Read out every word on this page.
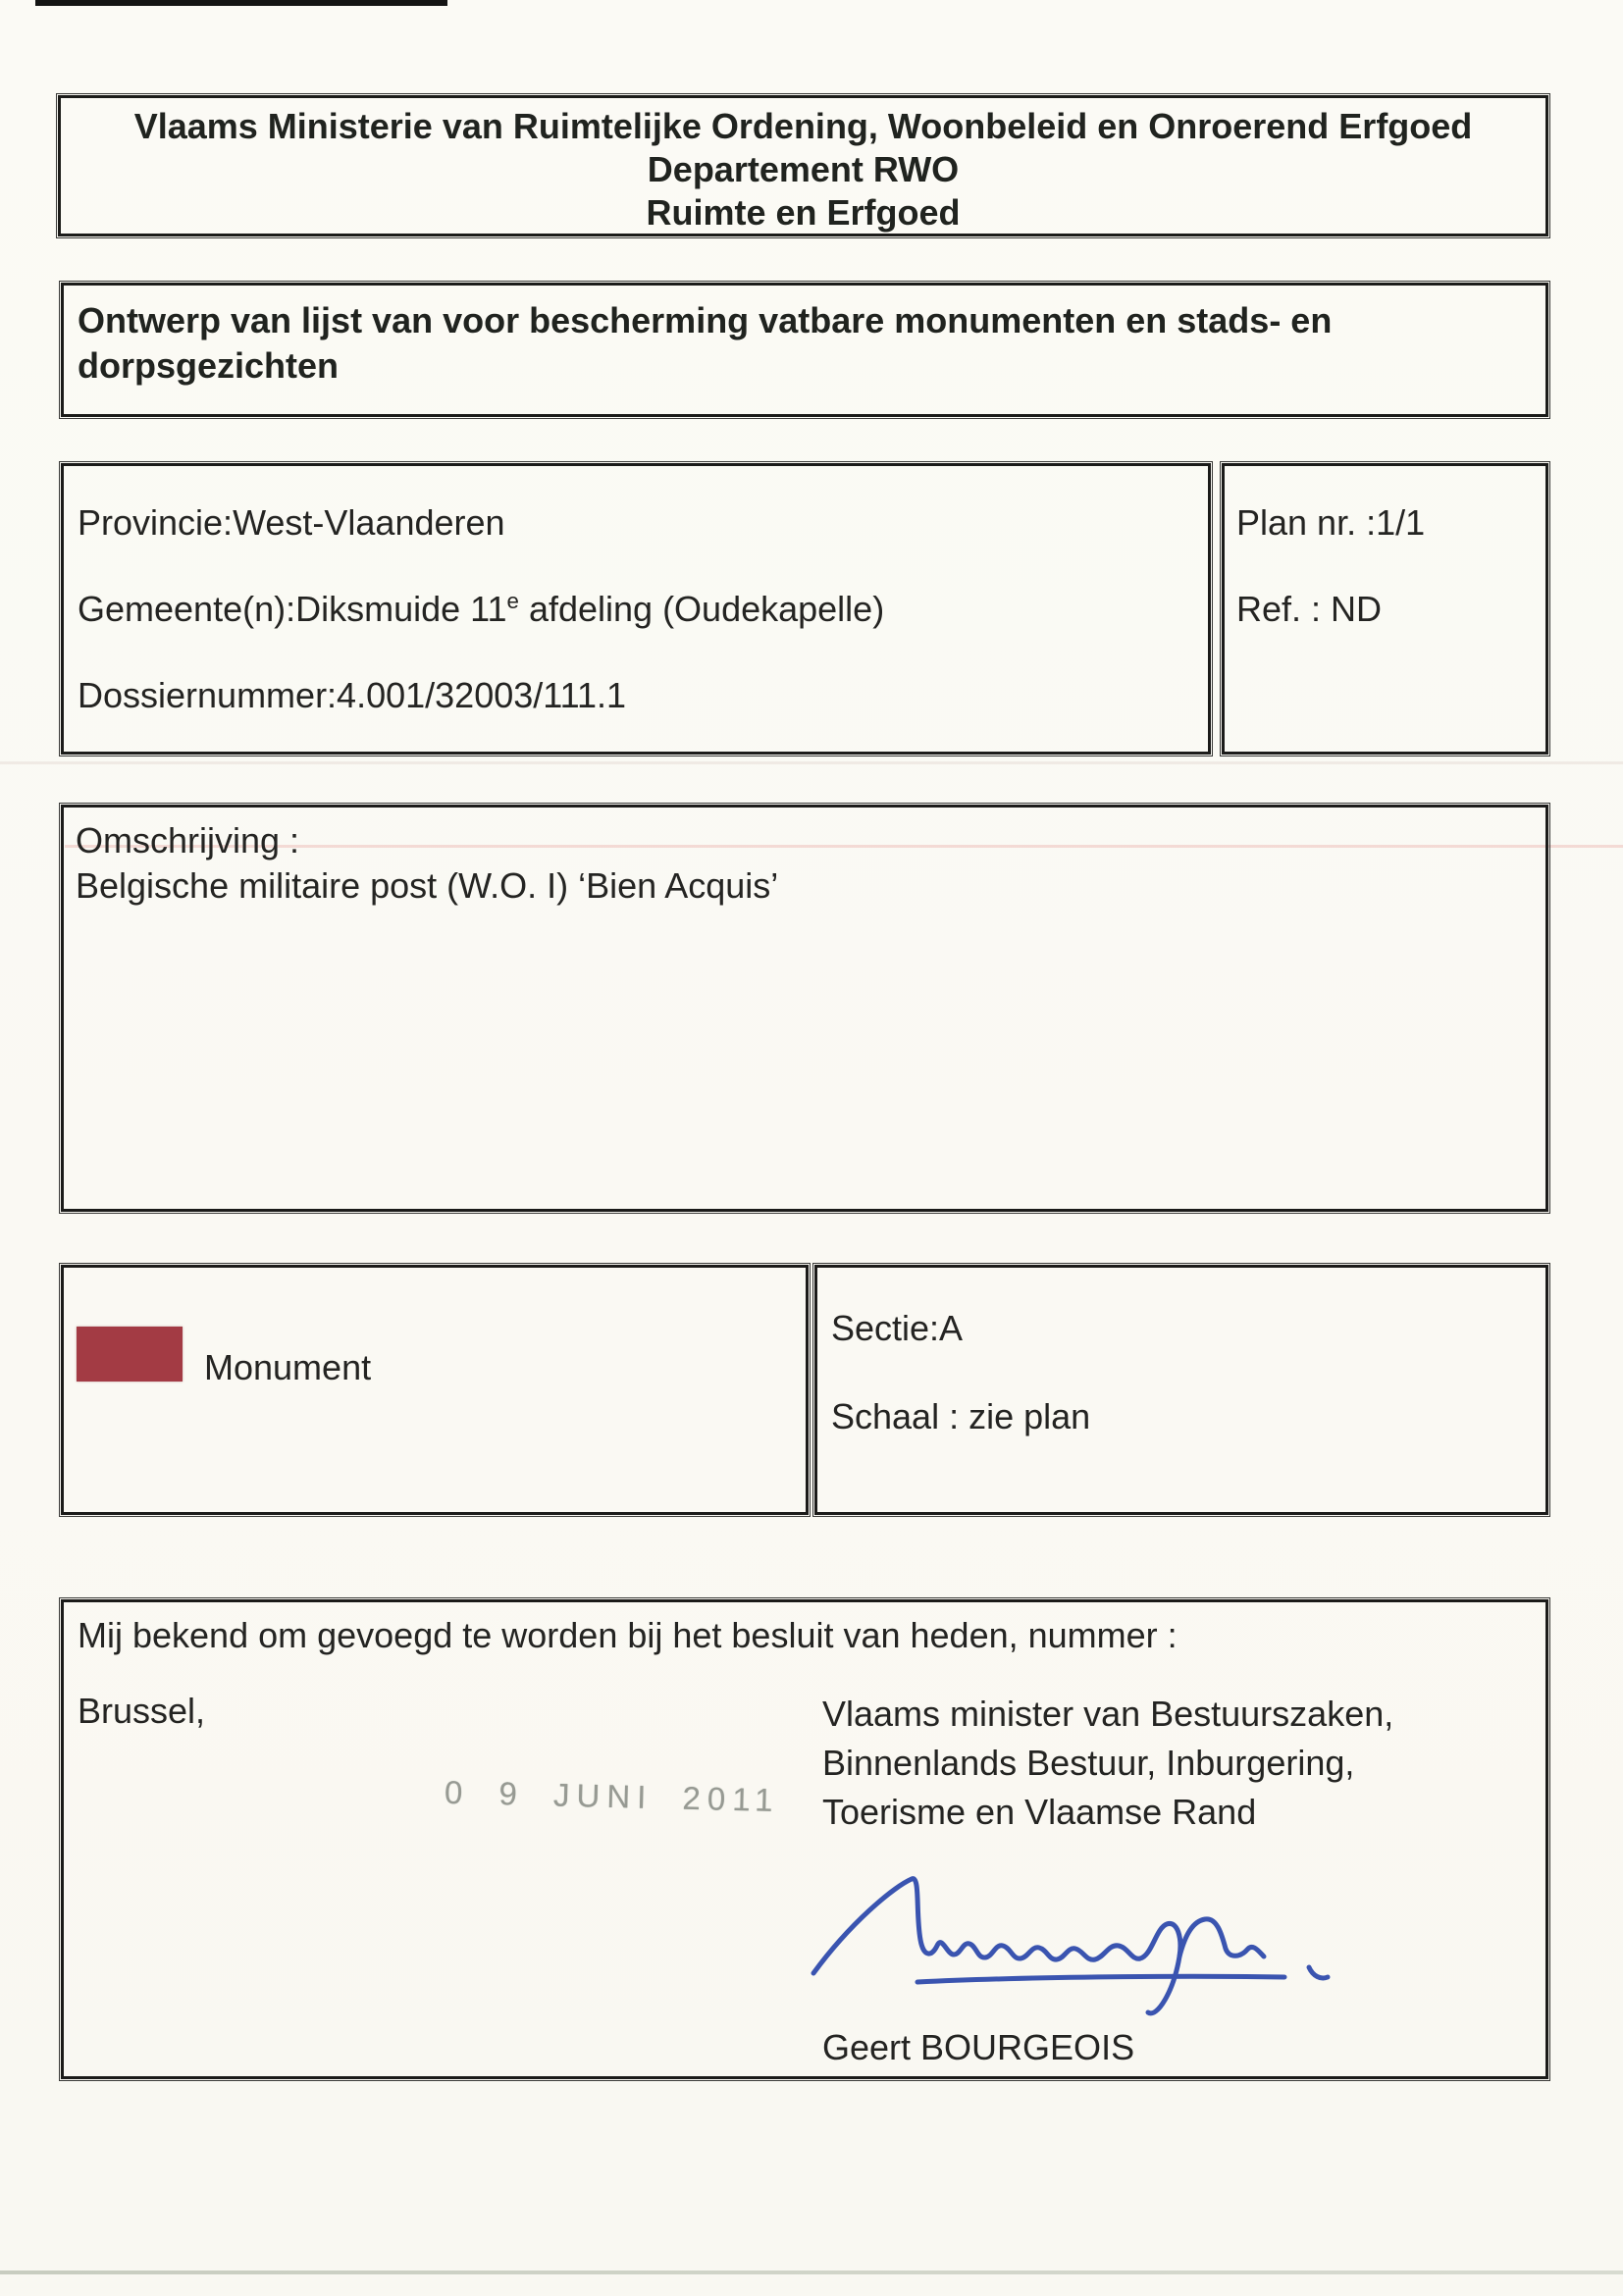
Vlaams Ministerie van Ruimtelijke Ordening, Woonbeleid en Onroerend Erfgoed
Departement RWO
Ruimte en Erfgoed
Ontwerp van lijst van voor bescherming vatbare monumenten en stads- en dorpsgezichten

Provincie:West-Vlaanderen

Gemeente(n):Diksmuide 11e afdeling (Oudekapelle)

Dossiernummer:4.001/32003/111.1

Plan nr. :1/1

Ref. : ND

Omschrijving :

Belgische militaire post (W.O. I) ‘Bien Acquis’

Monument

Sectie:A

Schaal : zie plan

Mij bekend om gevoegd te worden bij het besluit van heden, nummer :

Brussel,
0 9 JUNI 2011

Vlaams minister van Bestuurszaken,

Binnenlands Bestuur, Inburgering,

Toerisme en Vlaamse Rand

Geert BOURGEOIS
